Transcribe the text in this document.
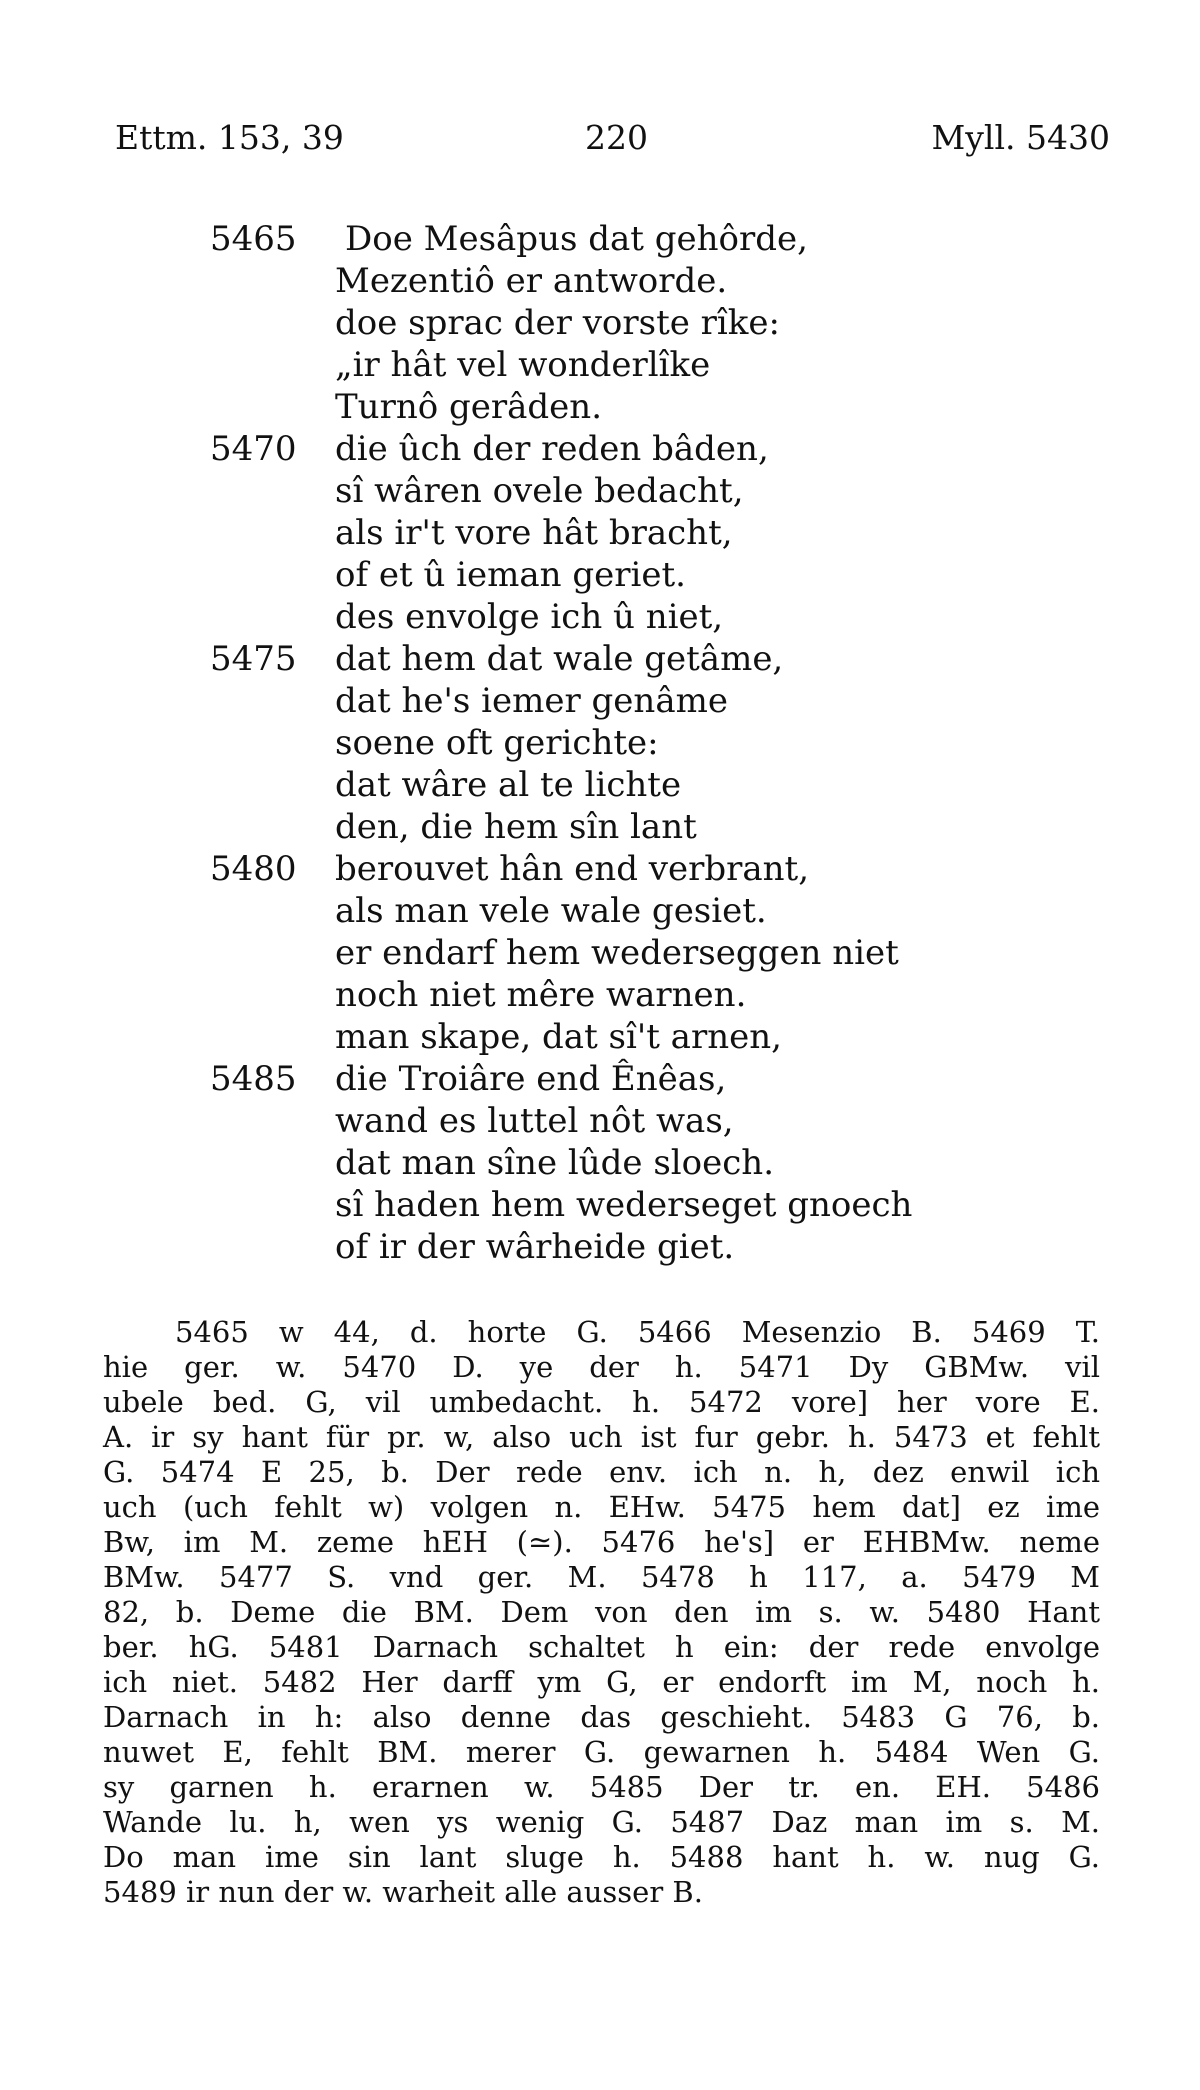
Ettm. 153, 39	220	Myll. 5430
5465 Doe Mesâpus dat gehôrde,
Mezentiô er antworde.
doe sprac der vorste rîke:
„ir hât vel wonderlîke
Turnô gerâden.
5470 die ûch der reden bâden,
sî wâren ovele bedacht,
als ir't vore hât bracht,
of et û ieman geriet.
des envolge ich û niet,
5475 dat hem dat wale getâme,
dat he's iemer genâme
soene oft gerichte:
dat wâre al te lichte
den, die hem sîn lant
5480 berouvet hân end verbrant,
als man vele wale gesiet.
er endarf hem wederseggen niet
noch niet mêre warnen.
man skape, dat sî't arnen,
5485 die Troiâre end Ênêas,
wand es luttel nôt was,
dat man sîne lûde sloech.
sî haden hem wederseget gnoech
of ir der wârheide giet.

5465 w 44, d. horte G. 5466 Mesenzio B. 5469 T.
hie ger. w. 5470 D. ye der h. 5471 Dy GBMw. vil
ubele bed. G, vil umbedacht. h. 5472 vore] her vore E.
A. ir sy hant für pr. w, also uch ist fur gebr. h. 5473 et fehlt
G. 5474 E 25, b. Der rede env. ich n. h, dez enwil ich
uch (uch fehlt w) volgen n. EHw. 5475 hem dat] ez ime
Bw, im M. zeme hEH (≃). 5476 he's] er EHBMw. neme
BMw. 5477 S. vnd ger. M. 5478 h 117, a. 5479 M
82, b. Deme die BM. Dem von den im s. w. 5480 Hant
ber. hG. 5481 Darnach schaltet h ein: der rede envolge
ich niet. 5482 Her darff ym G, er endorft im M, noch h.
Darnach in h: also denne das geschieht. 5483 G 76, b.
nuwet E, fehlt BM. merer G. gewarnen h. 5484 Wen G.
sy garnen h. erarnen w. 5485 Der tr. en. EH. 5486
Wande lu. h, wen ys wenig G. 5487 Daz man im s. M.
Do man ime sin lant sluge h. 5488 hant h. w. nug G.
5489 ir nun der w. warheit alle ausser B.
